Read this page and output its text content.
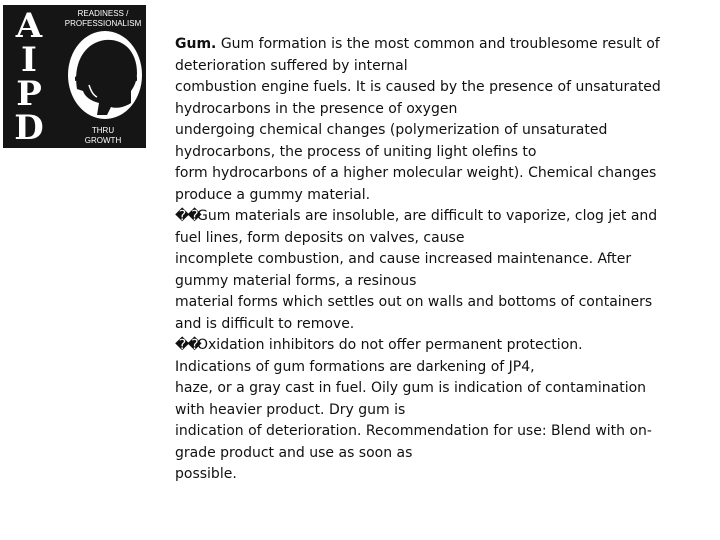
A
I
P
D
READINESS /
PROFESSIONALISM
THRU
GROWTH
Gum. Gum formation is the most common and troublesome result of
deterioration suffered by internal
combustion engine fuels. It is caused by the presence of unsaturated
hydrocarbons in the presence of oxygen
undergoing chemical changes (polymerization of unsaturated
hydrocarbons, the process of uniting light olefins to
form hydrocarbons of a higher molecular weight). Chemical changes
produce a gummy material.
��Gum materials are insoluble, are difficult to vaporize, clog jet and
fuel lines, form deposits on valves, cause
incomplete combustion, and cause increased maintenance. After
gummy material forms, a resinous
material forms which settles out on walls and bottoms of containers
and is difficult to remove.
��Oxidation inhibitors do not offer permanent protection.
Indications of gum formations are darkening of JP4,
haze, or a gray cast in fuel. Oily gum is indication of contamination
with heavier product. Dry gum is
indication of deterioration. Recommendation for use: Blend with on-
grade product and use as soon as
possible.
